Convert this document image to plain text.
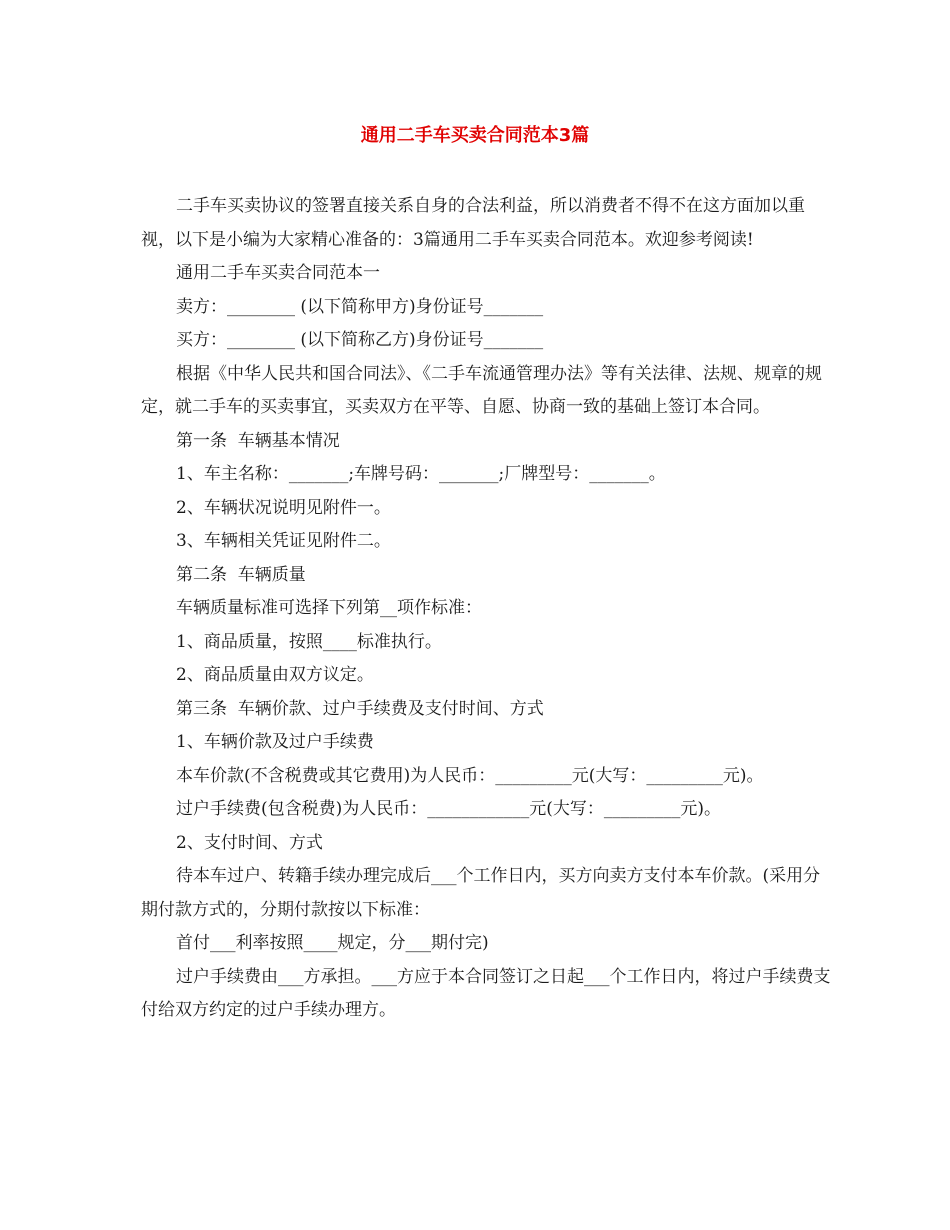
通用二手车买卖合同范本3篇

二手车买卖协议的签署直接关系自身的合法利益，所以消费者不得不在这方面加以重视，以下是小编为大家精心准备的：3篇通用二手车买卖合同范本。欢迎参考阅读!

通用二手车买卖合同范本一

卖方：________ (以下简称甲方)身份证号_______

买方：________ (以下简称乙方)身份证号_______

根据《中华人民共和国合同法》、《二手车流通管理办法》等有关法律、法规、规章的规定，就二手车的买卖事宜，买卖双方在平等、自愿、协商一致的基础上签订本合同。

第一条  车辆基本情况

1、车主名称：_______;车牌号码：_______;厂牌型号：_______。

2、车辆状况说明见附件一。

3、车辆相关凭证见附件二。

第二条  车辆质量

车辆质量标准可选择下列第__项作标准：

1、商品质量，按照____标准执行。

2、商品质量由双方议定。

第三条  车辆价款、过户手续费及支付时间、方式

1、车辆价款及过户手续费

本车价款(不含税费或其它费用)为人民币：_________元(大写：_________元)。

过户手续费(包含税费)为人民币：____________元(大写：_________元)。

2、支付时间、方式

待本车过户、转籍手续办理完成后___个工作日内，买方向卖方支付本车价款。(采用分期付款方式的，分期付款按以下标准：

首付___利率按照____规定，分___期付完)

过户手续费由___方承担。___方应于本合同签订之日起___个工作日内，将过户手续费支付给双方约定的过户手续办理方。
